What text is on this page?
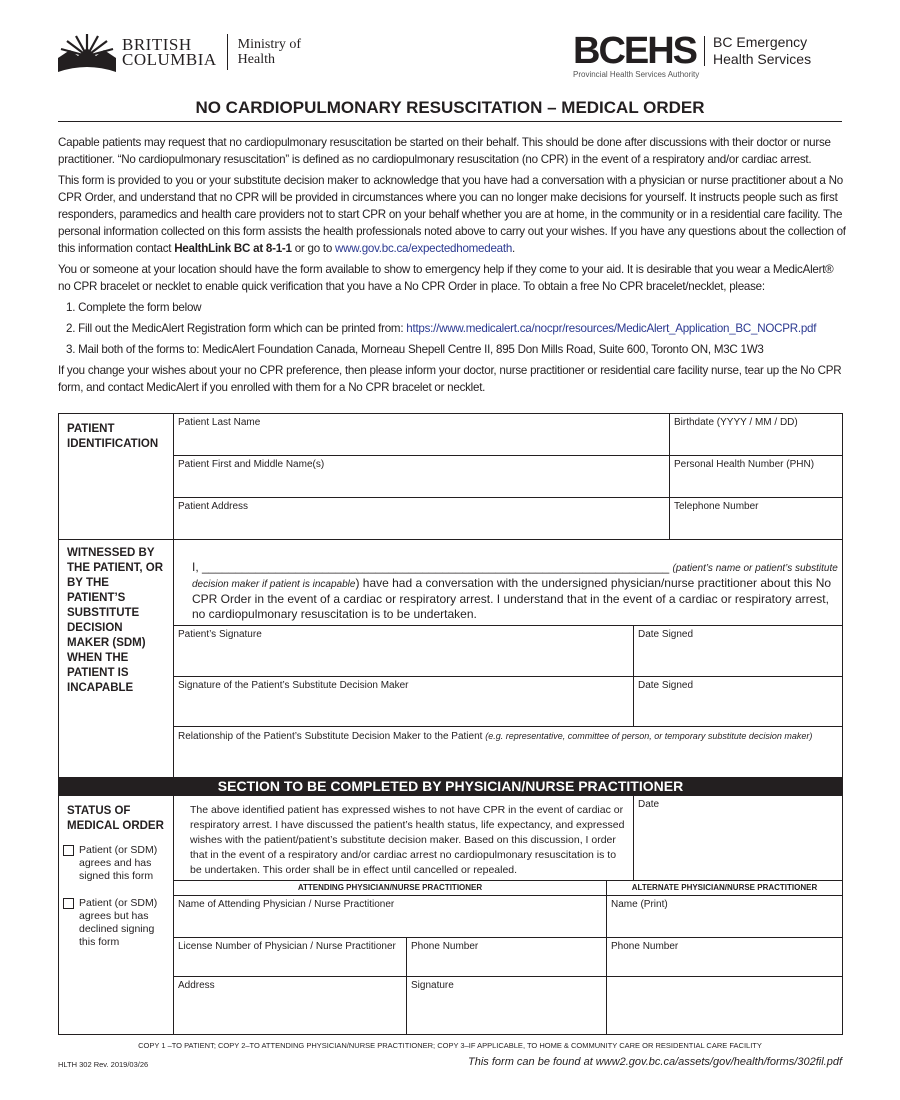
BRITISH
COLUMBIA
Ministry of
Health	BCEHS BC Emergency
Health Services
Provincial Health Services Authority
NO CARDIOPULMONARY RESUSCITATION – MEDICAL ORDER

Capable patients may request that no cardiopulmonary resuscitation be started on their behalf. This should be done after discussions with their doctor or nurse practitioner. “No cardiopulmonary resuscitation” is defined as no cardiopulmonary resuscitation (no CPR) in the event of a respiratory and/or cardiac arrest.

This form is provided to you or your substitute decision maker to acknowledge that you have had a conversation with a physician or nurse practitioner about a No CPR Order, and understand that no CPR will be provided in circumstances where you can no longer make decisions for yourself. It instructs people such as first responders, paramedics and health care providers not to start CPR on your behalf whether you are at home, in the community or in a residential care facility. The personal information collected on this form assists the health professionals noted above to carry out your wishes. If you have any questions about the collection of this information contact HealthLink BC at 8-1-1 or go to www.gov.bc.ca/expectedhomedeath.

You or someone at your location should have the form available to show to emergency help if they come to your aid. It is desirable that you wear a MedicAlert® no CPR bracelet or necklet to enable quick verification that you have a No CPR Order in place. To obtain a free No CPR bracelet/necklet, please:

1. Complete the form below
2. Fill out the MedicAlert Registration form which can be printed from: https://www.medicalert.ca/nocpr/resources/MedicAlert_Application_BC_NOCPR.pdf
3. Mail both of the forms to: MedicAlert Foundation Canada, Morneau Shepell Centre II, 895 Don Mills Road, Suite 600, Toronto ON, M3C 1W3

If you change your wishes about your no CPR preference, then please inform your doctor, nurse practitioner or residential care facility nurse, tear up the No CPR form, and contact MedicAlert if you enrolled with them for a No CPR bracelet or necklet.

PATIENT IDENTIFICATION
Patient Last Name	Birthdate (YYYY / MM / DD)
Patient First and Middle Name(s)	Personal Health Number (PHN)
Patient Address	Telephone Number
WITNESSED BY THE PATIENT, OR BY THE PATIENT’S SUBSTITUTE DECISION MAKER (SDM) WHEN THE PATIENT IS INCAPABLE
I, ______________________________________________________________________ (patient’s name or patient’s substitute decision maker if patient is incapable) have had a conversation with the undersigned physician/nurse practitioner about this No CPR Order in the event of a cardiac or respiratory arrest. I understand that in the event of a cardiac or respiratory arrest, no cardiopulmonary resuscitation is to be undertaken.
Patient’s Signature	Date Signed
Signature of the Patient’s Substitute Decision Maker	Date Signed
Relationship of the Patient’s Substitute Decision Maker to the Patient (e.g. representative, committee of person, or temporary substitute decision maker)
SECTION TO BE COMPLETED BY PHYSICIAN/NURSE PRACTITIONER
STATUS OF MEDICAL ORDER
Patient (or SDM) agrees and has signed this form
Patient (or SDM) agrees but has declined signing this form
The above identified patient has expressed wishes to not have CPR in the event of cardiac or respiratory arrest. I have discussed the patient’s health status, life expectancy, and expressed wishes with the patient/patient’s substitute decision maker. Based on this discussion, I order that in the event of a respiratory and/or cardiac arrest no cardiopulmonary resuscitation is to be undertaken. This order shall be in effect until cancelled or repealed.
Date
ATTENDING PHYSICIAN/NURSE PRACTITIONER	ALTERNATE PHYSICIAN/NURSE PRACTITIONER
Name of Attending Physician / Nurse Practitioner	Name (Print)
License Number of Physician / Nurse Practitioner	Phone Number	Phone Number
Address	Signature
COPY 1 –TO PATIENT; COPY 2–TO ATTENDING PHYSICIAN/NURSE PRACTITIONER; COPY 3–IF APPLICABLE, TO HOME & COMMUNITY CARE OR RESIDENTIAL CARE FACILITY
HLTH 302 Rev. 2019/03/26	This form can be found at www2.gov.bc.ca/assets/gov/health/forms/302fil.pdf
